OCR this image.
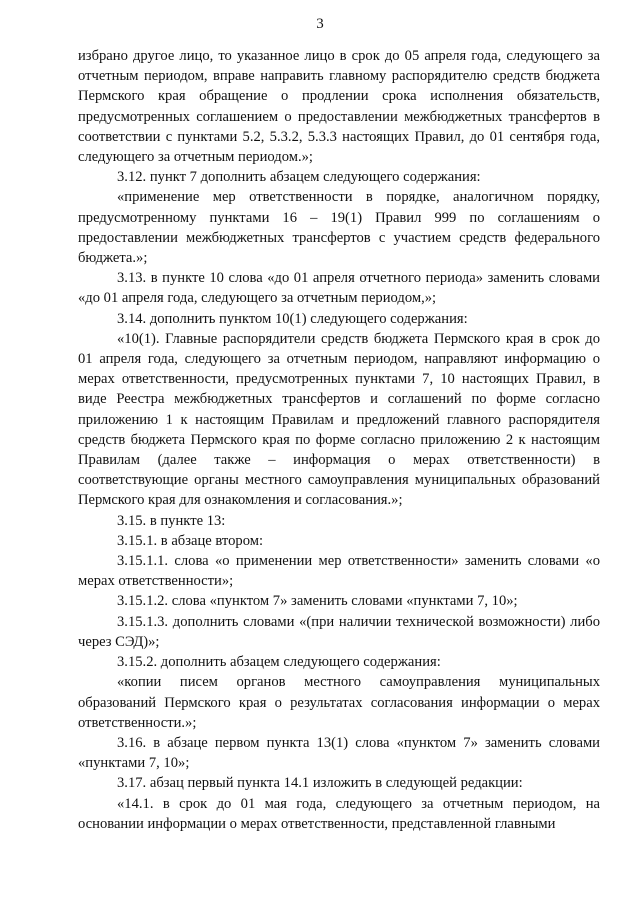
3

избрано другое лицо, то указанное лицо в срок до 05 апреля года, следующего за отчетным периодом, вправе направить главному распорядителю средств бюджета Пермского края обращение о продлении срока исполнения обязательств, предусмотренных соглашением о предоставлении межбюджетных трансфертов в соответствии с пунктами 5.2, 5.3.2, 5.3.3 настоящих Правил, до 01 сентября года, следующего за отчетным периодом.»;

3.12. пункт 7 дополнить абзацем следующего содержания:

«применение мер ответственности в порядке, аналогичном порядку, предусмотренному пунктами 16 – 19(1) Правил 999 по соглашениям о предоставлении межбюджетных трансфертов с участием средств федерального бюджета.»;

3.13. в пункте 10 слова «до 01 апреля отчетного периода» заменить словами «до 01 апреля года, следующего за отчетным периодом,»;

3.14. дополнить пунктом 10(1) следующего содержания:

«10(1). Главные распорядители средств бюджета Пермского края в срок до 01 апреля года, следующего за отчетным периодом, направляют информацию о мерах ответственности, предусмотренных пунктами 7, 10 настоящих Правил, в виде Реестра межбюджетных трансфертов и соглашений по форме согласно приложению 1 к настоящим Правилам и предложений главного распорядителя средств бюджета Пермского края по форме согласно приложению 2 к настоящим Правилам (далее также – информация о мерах ответственности) в соответствующие органы местного самоуправления муниципальных образований Пермского края для ознакомления и согласования.»;

3.15. в пункте 13:

3.15.1. в абзаце втором:

3.15.1.1. слова «о применении мер ответственности» заменить словами «о мерах ответственности»;

3.15.1.2. слова «пунктом 7» заменить словами «пунктами 7, 10»;

3.15.1.3. дополнить словами «(при наличии технической возможности) либо через СЭД)»;

3.15.2. дополнить абзацем следующего содержания:

«копии писем органов местного самоуправления муниципальных образований Пермского края о результатах согласования информации о мерах ответственности.»;

3.16. в абзаце первом пункта 13(1) слова «пунктом 7» заменить словами «пунктами 7, 10»;

3.17. абзац первый пункта 14.1 изложить в следующей редакции:

«14.1. в срок до 01 мая года, следующего за отчетным периодом, на основании информации о мерах ответственности, представленной главными
